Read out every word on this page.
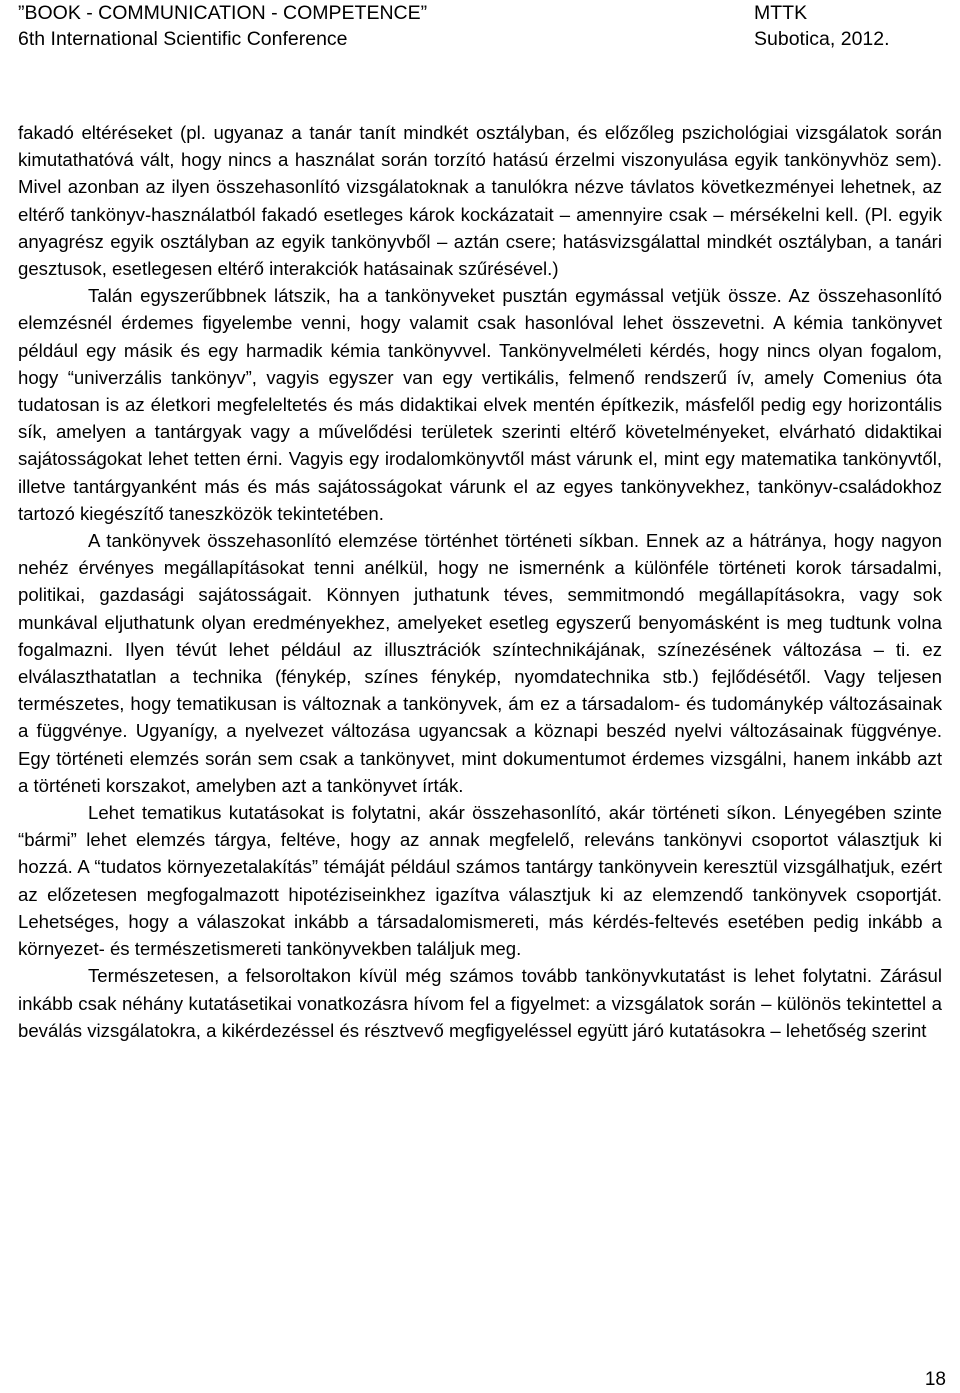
”BOOK - COMMUNICATION - COMPETENCE”	MTTK
6th International Scientific Conference	Subotica, 2012.

fakadó eltéréseket (pl. ugyanaz a tanár tanít mindkét osztályban, és előzőleg pszichológiai vizsgálatok során kimutathatóvá vált, hogy nincs a használat során torzító hatású érzelmi viszonyulása egyik tankönyvhöz sem). Mivel azonban az ilyen összehasonlító vizsgálatoknak a tanulókra nézve távlatos következményei lehetnek, az eltérő tankönyv-használatból fakadó esetleges károk kockázatait – amennyire csak – mérsékelni kell. (Pl. egyik anyagrész egyik osztályban az egyik tankönyvből – aztán csere; hatásvizsgálattal mindkét osztályban, a tanári gesztusok, esetlegesen eltérő interakciók hatásainak szűrésével.)

Talán egyszerűbbnek látszik, ha a tankönyveket pusztán egymással vetjük össze. Az összehasonlító elemzésnél érdemes figyelembe venni, hogy valamit csak hasonlóval lehet összevetni. A kémia tankönyvet például egy másik és egy harmadik kémia tankönyvvel. Tankönyvelméleti kérdés, hogy nincs olyan fogalom, hogy “univerzális tankönyv”, vagyis egyszer van egy vertikális, felmenő rendszerű ív, amely Comenius óta tudatosan is az életkori megfeleltetés és más didaktikai elvek mentén építkezik, másfelől pedig egy horizontális sík, amelyen a tantárgyak vagy a művelődési területek szerinti eltérő követelményeket, elvárható didaktikai sajátosságokat lehet tetten érni. Vagyis egy irodalomkönyvtől mást várunk el, mint egy matematika tankönyvtől, illetve tantárgyanként más és más sajátosságokat várunk el az egyes tankönyvekhez, tankönyv-családokhoz tartozó kiegészítő taneszközök tekintetében.

A tankönyvek összehasonlító elemzése történhet történeti síkban. Ennek az a hátránya, hogy nagyon nehéz érvényes megállapításokat tenni anélkül, hogy ne ismernénk a különféle történeti korok társadalmi, politikai, gazdasági sajátosságait. Könnyen juthatunk téves, semmitmondó megállapításokra, vagy sok munkával eljuthatunk olyan eredményekhez, amelyeket esetleg egyszerű benyomásként is meg tudtunk volna fogalmazni. Ilyen tévút lehet például az illusztrációk színtechnikájának, színezésének változása – ti. ez elválaszthatatlan a technika (fénykép, színes fénykép, nyomdatechnika stb.) fejlődésétől. Vagy teljesen természetes, hogy tematikusan is változnak a tankönyvek, ám ez a társadalom- és tudománykép változásainak a függvénye. Ugyanígy, a nyelvezet változása ugyancsak a köznapi beszéd nyelvi változásainak függvénye. Egy történeti elemzés során sem csak a tankönyvet, mint dokumentumot érdemes vizsgálni, hanem inkább azt a történeti korszakot, amelyben azt a tankönyvet írták.

Lehet tematikus kutatásokat is folytatni, akár összehasonlító, akár történeti síkon. Lényegében szinte “bármi” lehet elemzés tárgya, feltéve, hogy az annak megfelelő, releváns tankönyvi csoportot választjuk ki hozzá. A “tudatos környezetalakítás” témáját például számos tantárgy tankönyvein keresztül vizsgálhatjuk, ezért az előzetesen megfogalmazott hipotéziseinkhez igazítva választjuk ki az elemzendő tankönyvek csoportját. Lehetséges, hogy a válaszokat inkább a társadalomismereti, más kérdés-feltevés esetében pedig inkább a környezet- és természetismereti tankönyvekben találjuk meg.

Természetesen, a felsoroltakon kívül még számos tovább tankönyvkutatást is lehet folytatni. Zárásul inkább csak néhány kutatásetikai vonatkozásra hívom fel a figyelmet: a vizsgálatok során – különös tekintettel a beválás vizsgálatokra, a kikérdezéssel és résztvevő megfigyeléssel együtt járó kutatásokra – lehetőség szerint

18
